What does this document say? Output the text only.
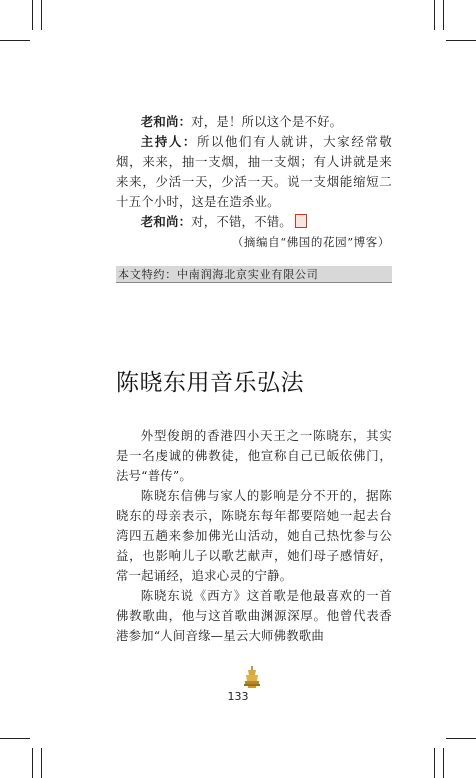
老和尚：对，是！所以这个是不好。

主持人：所以他们有人就讲，大家经常敬烟，来来，抽一支烟，抽一支烟；有人讲就是来来来，少活一天，少活一天。说一支烟能缩短二十五个小时，这是在造杀业。

老和尚：对，不错，不错。

（摘编自“佛国的花园”博客）

本文特约：中南润海北京实业有限公司
陈晓东用音乐弘法

外型俊朗的香港四小天王之一陈晓东，其实是一名虔诚的佛教徒，他宣称自己已皈依佛门，法号“普传”。

陈晓东信佛与家人的影响是分不开的，据陈晓东的母亲表示，陈晓东每年都要陪她一起去台湾四五趟来参加佛光山活动，她自己热忱参与公益，也影响儿子以歌艺献声，她们母子感情好，常一起诵经，追求心灵的宁静。

陈晓东说《西方》这首歌是他最喜欢的一首佛教歌曲，他与这首歌曲渊源深厚。他曾代表香港参加“人间音缘—星云大师佛教歌曲

133
